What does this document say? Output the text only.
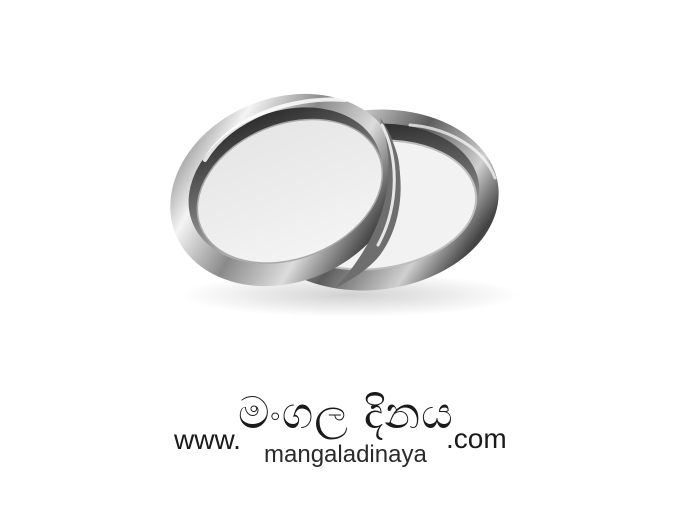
මංගල දිනය
www. mangaladinaya
.com
